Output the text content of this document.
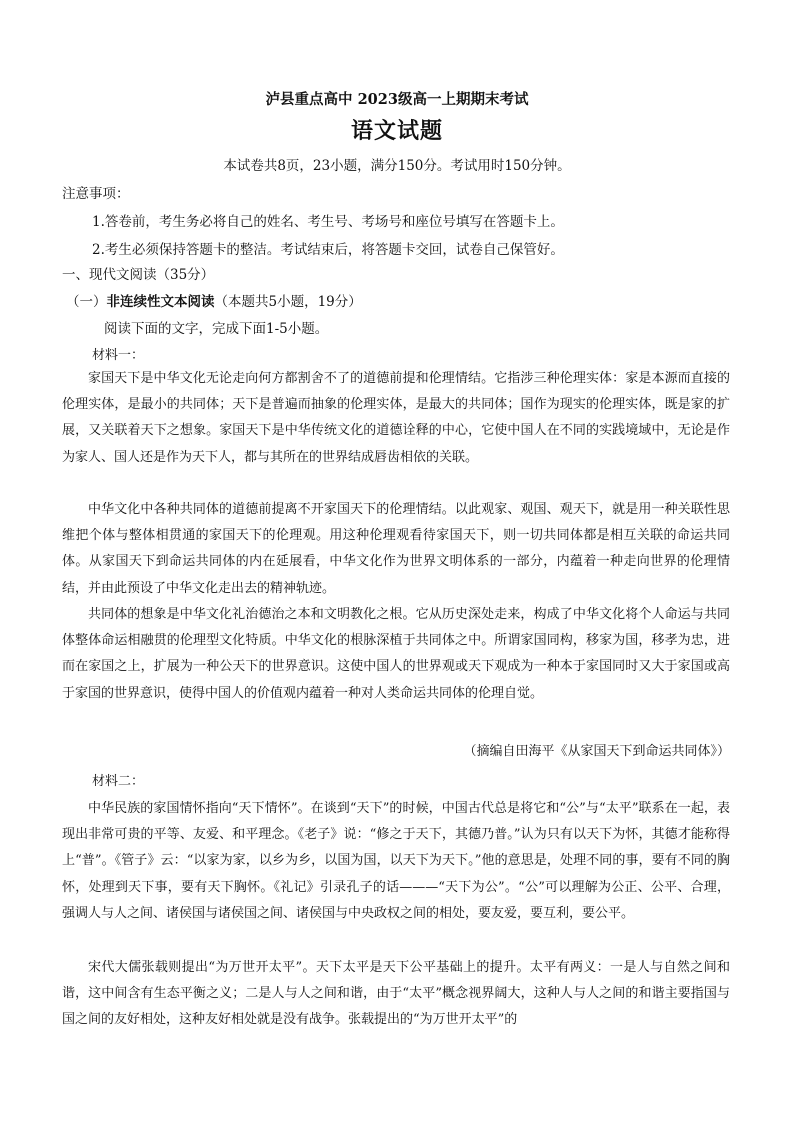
泸县重点高中 2023级高一上期期末考试
语文试题
本试卷共8页，23小题，满分150分。考试用时150分钟。
注意事项：
1.答卷前，考生务必将自己的姓名、考生号、考场号和座位号填写在答题卡上。
2.考生必须保持答题卡的整洁。考试结束后，将答题卡交回，试卷自己保管好。
一、现代文阅读（35分）
（一）非连续性文本阅读（本题共5小题，19分）
阅读下面的文字，完成下面1-5小题。
材料一：

家国天下是中华文化无论走向何方都割舍不了的道德前提和伦理情结。它指涉三种伦理实体：家是本源而直接的伦理实体，是最小的共同体；天下是普遍而抽象的伦理实体，是最大的共同体；国作为现实的伦理实体，既是家的扩展，又关联着天下之想象。家国天下是中华传统文化的道德诠释的中心，它使中国人在不同的实践境域中，无论是作为家人、国人还是作为天下人，都与其所在的世界结成唇齿相依的关联。

中华文化中各种共同体的道德前提离不开家国天下的伦理情结。以此观家、观国、观天下，就是用一种关联性思维把个体与整体相贯通的家国天下的伦理观。用这种伦理观看待家国天下，则一切共同体都是相互关联的命运共同体。从家国天下到命运共同体的内在延展看，中华文化作为世界文明体系的一部分，内蕴着一种走向世界的伦理情结，并由此预设了中华文化走出去的精神轨迹。

共同体的想象是中华文化礼治德治之本和文明教化之根。它从历史深处走来，构成了中华文化将个人命运与共同体整体命运相融贯的伦理型文化特质。中华文化的根脉深植于共同体之中。所谓家国同构，移家为国，移孝为忠，进而在家国之上，扩展为一种公天下的世界意识。这使中国人的世界观或天下观成为一种本于家国同时又大于家国或高于家国的世界意识，使得中国人的价值观内蕴着一种对人类命运共同体的伦理自觉。

（摘编自田海平《从家国天下到命运共同体》）
材料二：

中华民族的家国情怀指向“天下情怀”。在谈到“天下”的时候，中国古代总是将它和“公”与“太平”联系在一起，表现出非常可贵的平等、友爱、和平理念。《老子》说：“修之于天下，其德乃普。”认为只有以天下为怀，其德才能称得上“普”。《管子》云：“以家为家，以乡为乡，以国为国，以天下为天下。”他的意思是，处理不同的事，要有不同的胸怀，处理到天下事，要有天下胸怀。《礼记》引录孔子的话———“天下为公”。“公”可以理解为公正、公平、合理，强调人与人之间、诸侯国与诸侯国之间、诸侯国与中央政权之间的相处，要友爱，要互利，要公平。

宋代大儒张载则提出“为万世开太平”。天下太平是天下公平基础上的提升。太平有两义：一是人与自然之间和谐，这中间含有生态平衡之义；二是人与人之间和谐，由于“太平”概念视界阔大，这种人与人之间的和谐主要指国与国之间的友好相处，这种友好相处就是没有战争。张载提出的“为万世开太平”的
